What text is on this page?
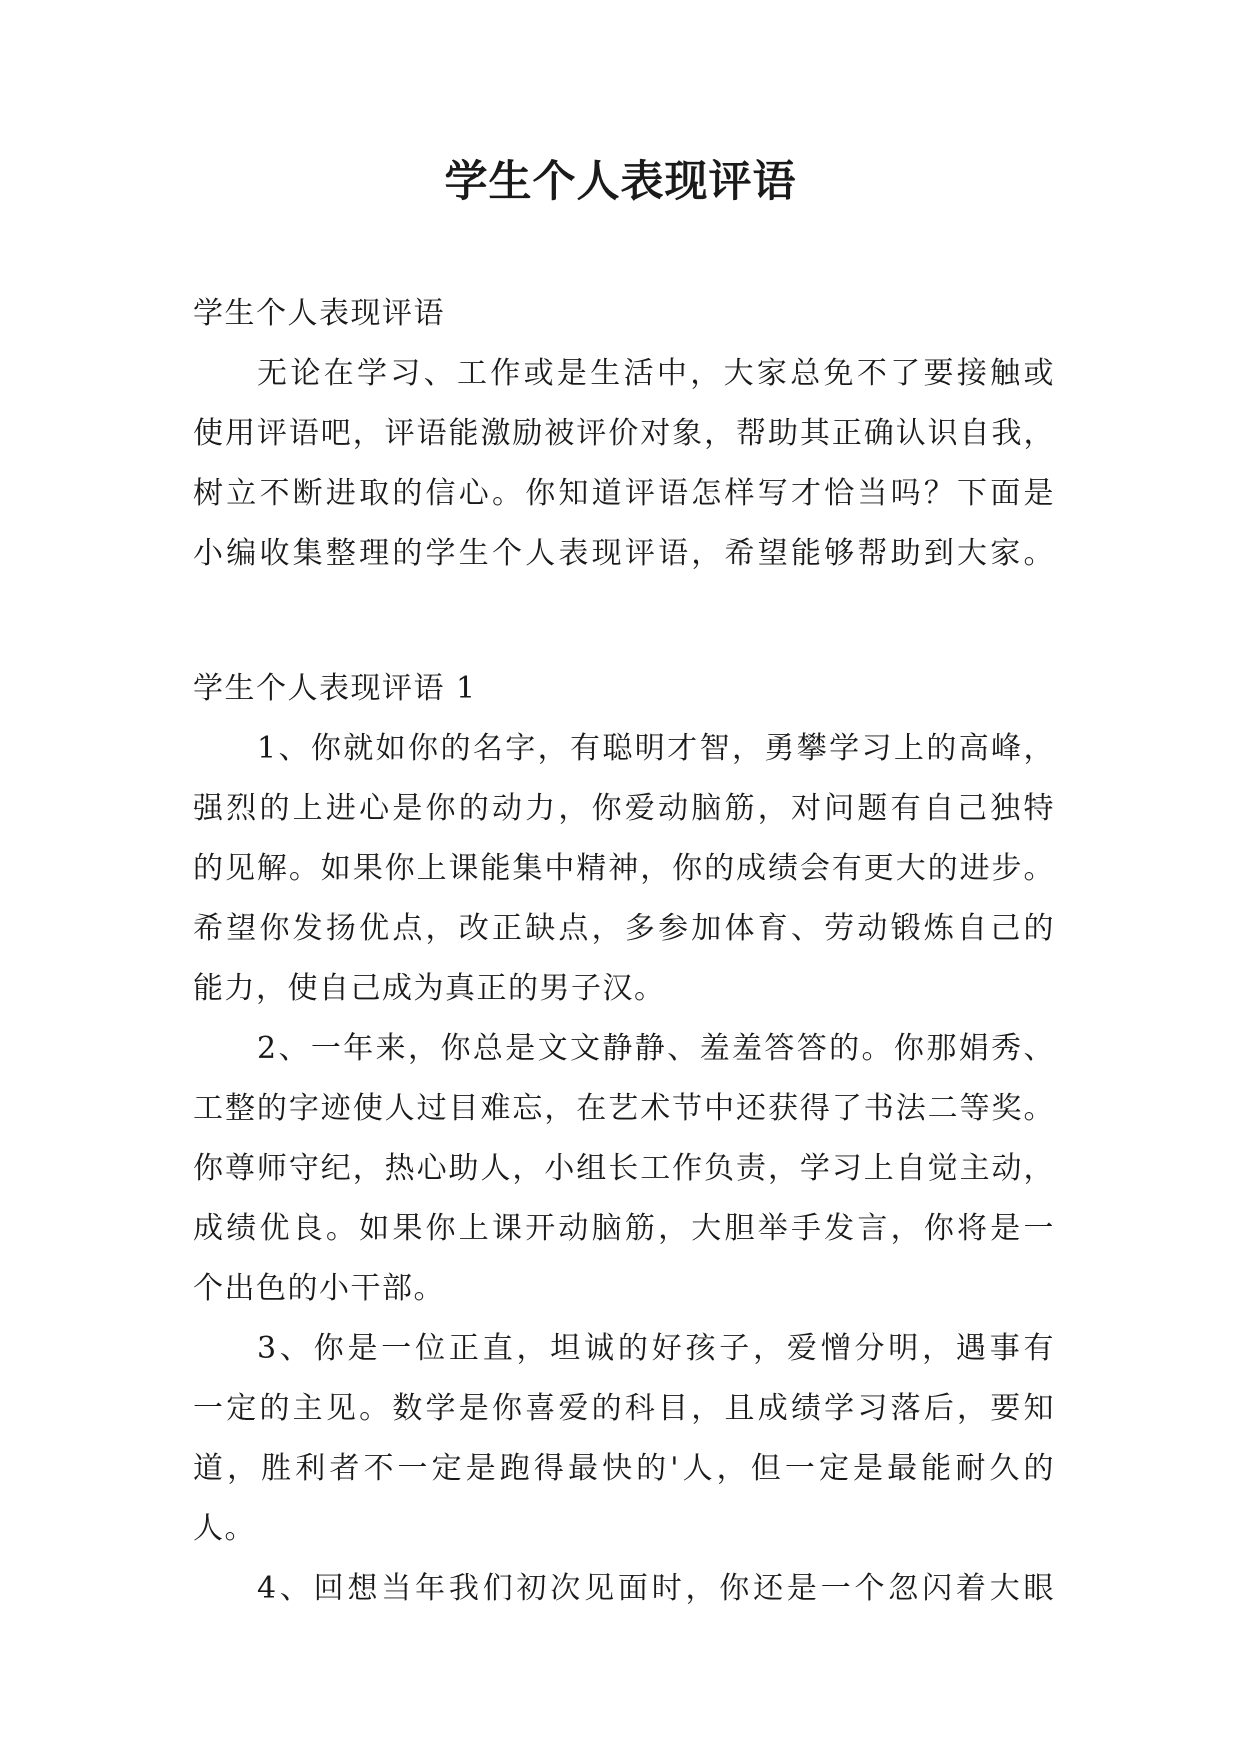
学生个人表现评语
学生个人表现评语
无论在学习、工作或是生活中，大家总免不了要接触或
使用评语吧，评语能激励被评价对象，帮助其正确认识自我，
树立不断进取的信心。你知道评语怎样写才恰当吗？下面是
小编收集整理的学生个人表现评语，希望能够帮助到大家。
学生个人表现评语 1
1、你就如你的名字，有聪明才智，勇攀学习上的高峰，
强烈的上进心是你的动力，你爱动脑筋，对问题有自己独特
的见解。如果你上课能集中精神，你的成绩会有更大的进步。
希望你发扬优点，改正缺点，多参加体育、劳动锻炼自己的
能力，使自己成为真正的男子汉。
2、一年来，你总是文文静静、羞羞答答的。你那娟秀、
工整的字迹使人过目难忘，在艺术节中还获得了书法二等奖。
你尊师守纪，热心助人，小组长工作负责，学习上自觉主动，
成绩优良。如果你上课开动脑筋，大胆举手发言，你将是一
个出色的小干部。
3、你是一位正直，坦诚的好孩子，爱憎分明，遇事有
一定的主见。数学是你喜爱的科目，且成绩学习落后，要知
道，胜利者不一定是跑得最快的'人，但一定是最能耐久的
人。
4、回想当年我们初次见面时，你还是一个忽闪着大眼
